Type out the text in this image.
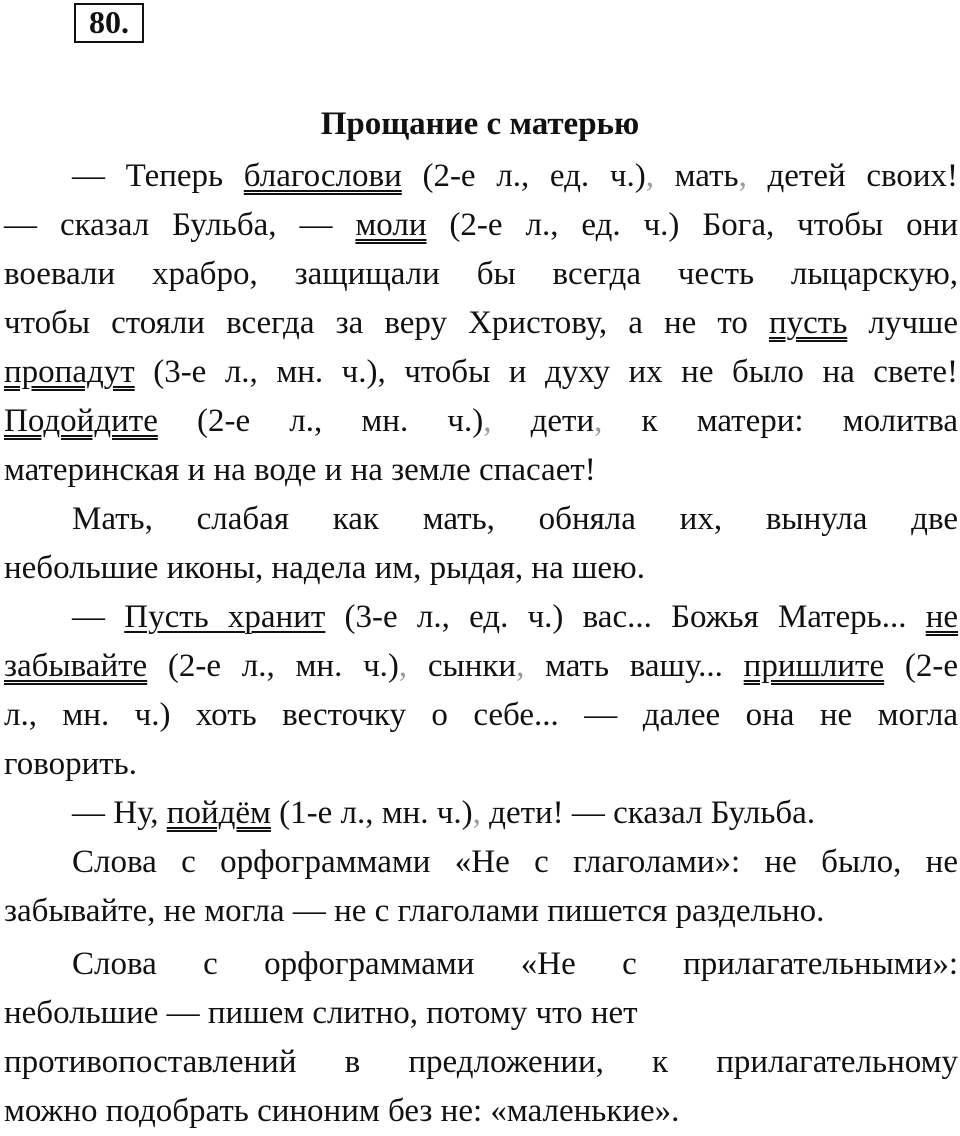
80.
Прощание с матерью
— Теперь благослови (2-е л., ед. ч.), мать, детей своих!
— сказал Бульба, — моли (2-е л., ед. ч.) Бога, чтобы они
воевали храбро, защищали бы всегда честь лыцарскую,
чтобы стояли всегда за веру Христову, а не то пусть лучше
пропадут (3-е л., мн. ч.), чтобы и духу их не было на свете!
Подойдите (2-е л., мн. ч.), дети, к матери: молитва
материнская и на воде и на земле спасает!
Мать, слабая как мать, обняла их, вынула две
небольшие иконы, надела им, рыдая, на шею.
— Пусть хранит (3-е л., ед. ч.) вас... Божья Матерь... не
забывайте (2-е л., мн. ч.), сынки, мать вашу... пришлите (2-е
л., мн. ч.) хоть весточку о себе... — далее она не могла
говорить.
— Ну, пойдём (1-е л., мн. ч.), дети! — сказал Бульба.
Слова с орфограммами «Не с глаголами»: не было, не
забывайте, не могла — не с глаголами пишется раздельно.
Слова с орфограммами «Не с прилагательными»:
небольшие — пишем слитно, потому что нет
противопоставлений в предложении, к прилагательному
можно подобрать синоним без не: «маленькие».
